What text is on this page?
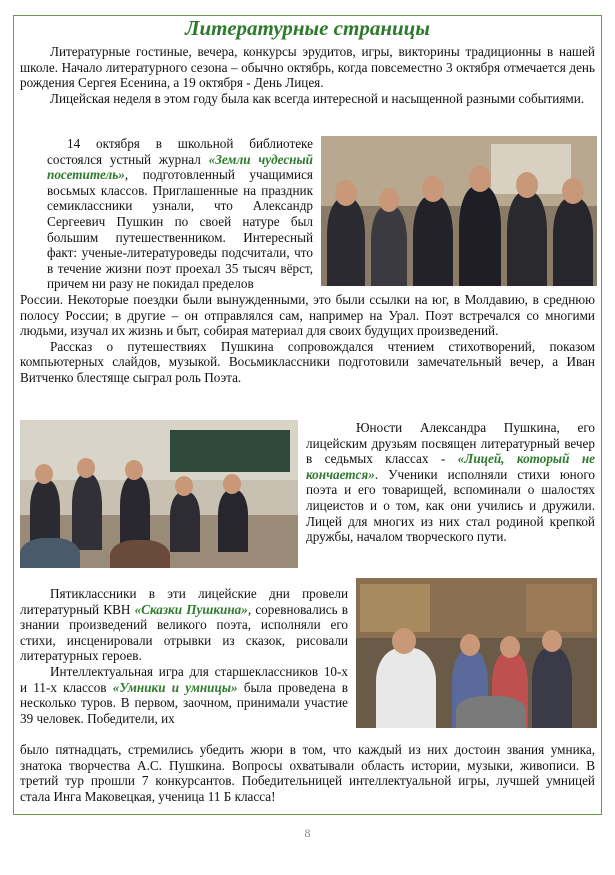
Литературные страницы

Литературные гостиные, вечера, конкурсы эрудитов, игры, викторины традиционны в нашей школе. Начало литературного сезона – обычно октябрь, когда повсеместно 3 октября отмечается день рождения Сергея Есенина, а 19 октября - День Лицея.

Лицейская неделя в этом году была как всегда интересной и насыщенной разными событиями.

14 октября в школьной библиотеке состоялся устный журнал «Земли чудесный посетитель», подготовленный учащимися восьмых классов. Приглашенные на праздник семиклассники узнали, что Александр Сергеевич Пушкин по своей натуре был большим путешественником. Интересный факт: ученые-литературоведы подсчитали, что в течение жизни поэт проехал 35 тысяч вёрст, причем ни разу не покидал пределов

России. Некоторые поездки были вынужденными, это были ссылки на юг, в Молдавию, в среднюю полосу России; в другие – он отправлялся сам, например на Урал. Поэт встречался со многими людьми, изучал их жизнь и быт, собирая материал для своих будущих произведений.

Рассказ о путешествиях Пушкина сопровождался чтением стихотворений, показом компьютерных слайдов, музыкой. Восьмиклассники подготовили замечательный вечер, а Иван Витченко блестяще сыграл роль Поэта.

Юности Александра Пушкина, его лицейским друзьям посвящен литературный вечер в седьмых классах - «Лицей, который не кончается». Ученики исполняли стихи юного поэта и его товарищей, вспоминали о шалостях лицеистов и о том, как они учились и дружили. Лицей для многих из них стал родиной крепкой дружбы, началом творческого пути.

Пятиклассники в эти лицейские дни провели литературный КВН «Сказки Пушкина», соревновались в знании произведений великого поэта, исполняли его стихи, инсценировали отрывки из сказок, рисовали литературных героев.

Интеллектуальная игра для старшеклассников 10-х и 11-х классов «Умники и умницы» была проведена в несколько туров. В первом, заочном, принимали участие 39 человек. Победители, их

было пятнадцать, стремились убедить жюри в том, что каждый из них достоин звания умника, знатока творчества А.С. Пушкина. Вопросы охватывали область истории, музыки, живописи. В третий тур прошли 7 конкурсантов. Победительницей интеллектуальной игры, лучшей умницей стала Инга Маковецкая, ученица 11 Б класса!

8
